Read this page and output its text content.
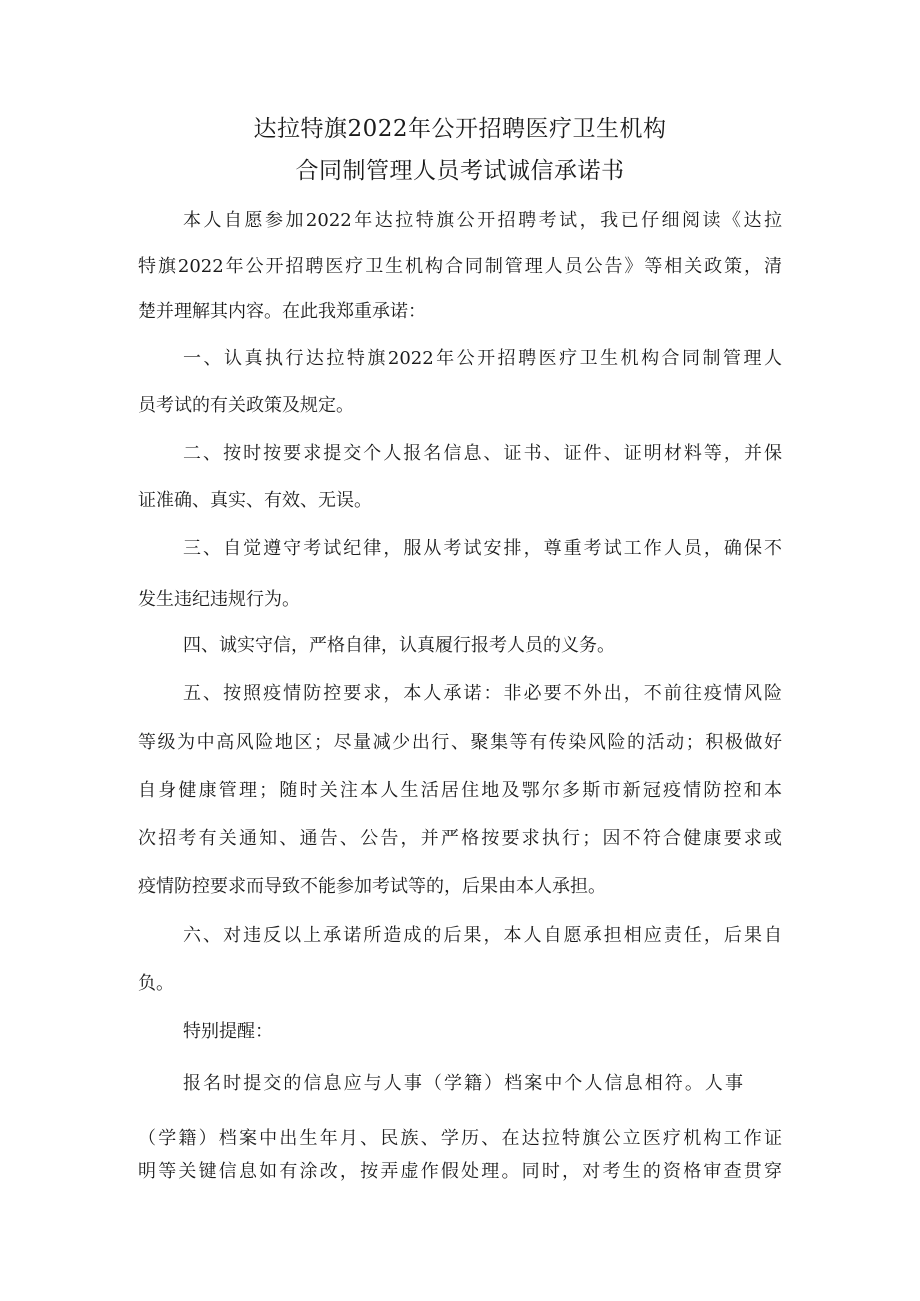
达拉特旗2022年公开招聘医疗卫生机构
合同制管理人员考试诚信承诺书
本人自愿参加2022年达拉特旗公开招聘考试，我已仔细阅读《达拉
特旗2022年公开招聘医疗卫生机构合同制管理人员公告》等相关政策，清
楚并理解其内容。在此我郑重承诺：
一、认真执行达拉特旗2022年公开招聘医疗卫生机构合同制管理人
员考试的有关政策及规定。
二、按时按要求提交个人报名信息、证书、证件、证明材料等，并保
证准确、真实、有效、无误。
三、自觉遵守考试纪律，服从考试安排，尊重考试工作人员，确保不
发生违纪违规行为。
四、诚实守信，严格自律，认真履行报考人员的义务。
五、按照疫情防控要求，本人承诺：非必要不外出，不前往疫情风险
等级为中高风险地区；尽量减少出行、聚集等有传染风险的活动；积极做好
自身健康管理；随时关注本人生活居住地及鄂尔多斯市新冠疫情防控和本
次招考有关通知、通告、公告，并严格按要求执行；因不符合健康要求或
疫情防控要求而导致不能参加考试等的，后果由本人承担。
六、对违反以上承诺所造成的后果，本人自愿承担相应责任，后果自
负。
特别提醒：
报名时提交的信息应与人事（学籍）档案中个人信息相符。人事
（学籍）档案中出生年月、民族、学历、在达拉特旗公立医疗机构工作证
明等关键信息如有涂改，按弄虚作假处理。同时，对考生的资格审查贯穿
